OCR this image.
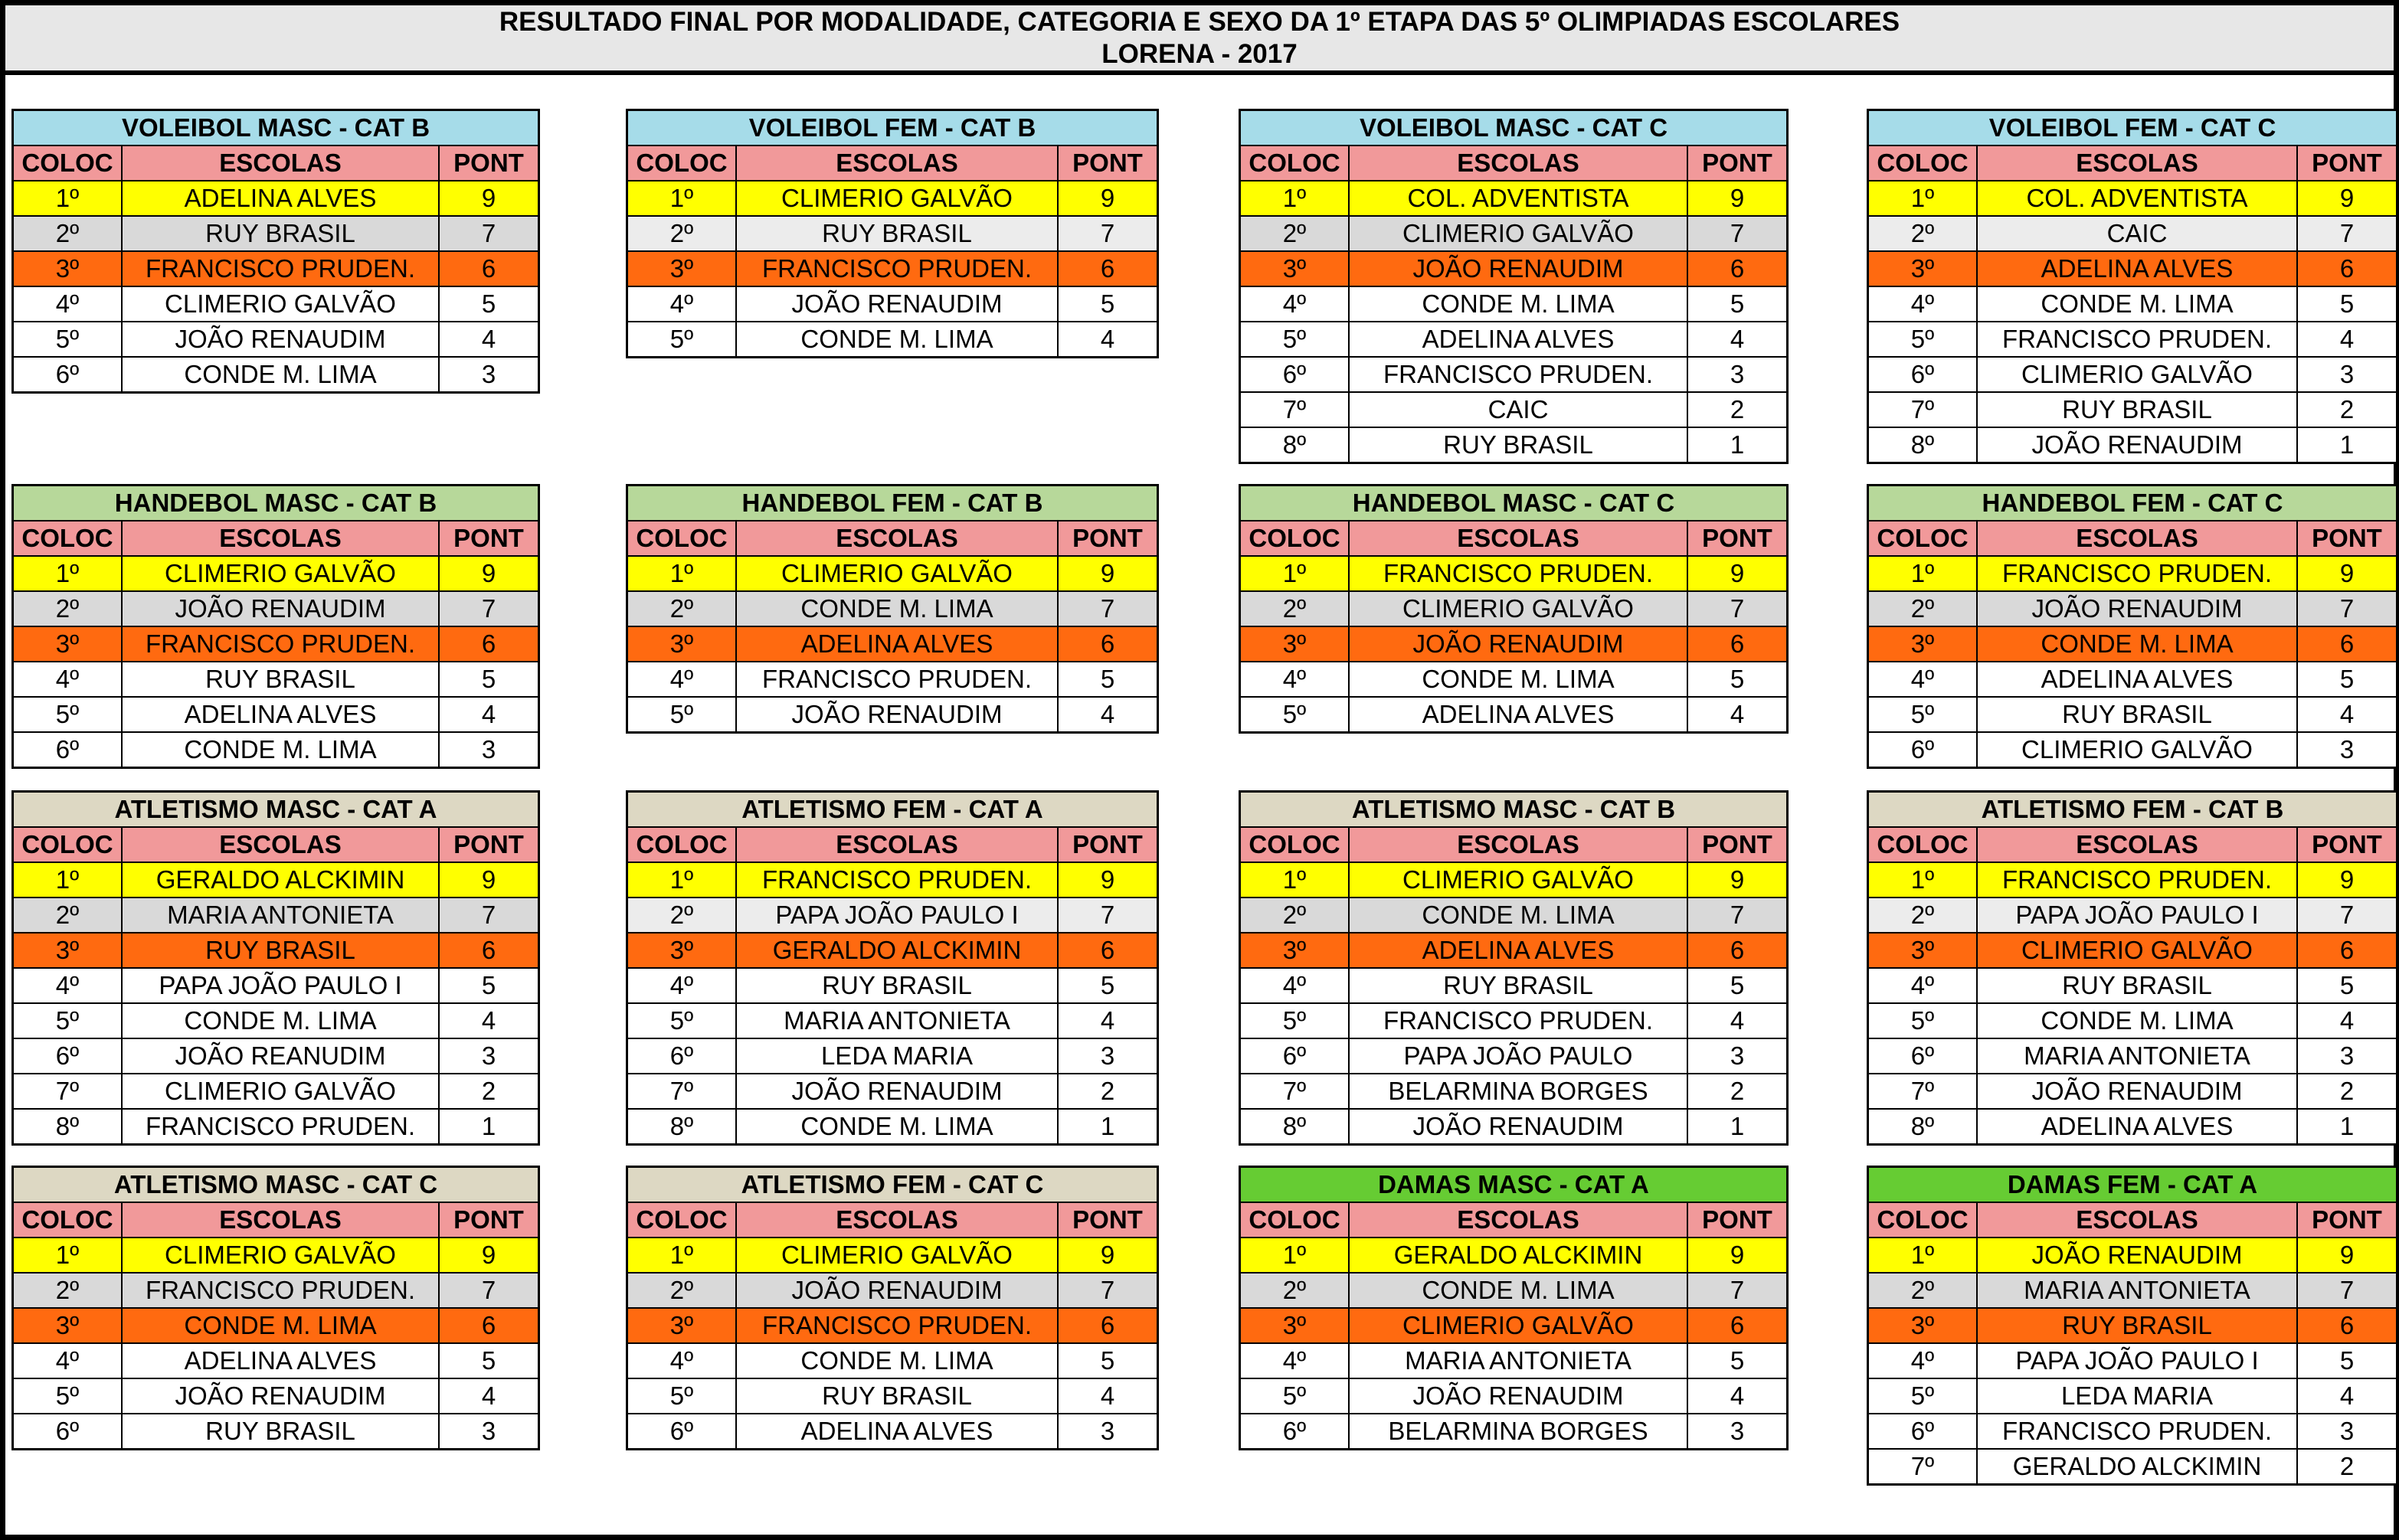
RESULTADO FINAL POR MODALIDADE, CATEGORIA E SEXO DA 1º ETAPA DAS 5º OLIMPIADAS ESCOLARES
LORENA - 2017
VOLEIBOL MASC - CAT B
COLOC	ESCOLAS	PONT
1º	ADELINA ALVES	9
2º	RUY BRASIL	7
3º	FRANCISCO PRUDEN.	6
4º	CLIMERIO GALVÃO	5
5º	JOÃO RENAUDIM	4
6º	CONDE M. LIMA	3
VOLEIBOL FEM - CAT B
COLOC	ESCOLAS	PONT
1º	CLIMERIO GALVÃO	9
2º	RUY BRASIL	7
3º	FRANCISCO PRUDEN.	6
4º	JOÃO RENAUDIM	5
5º	CONDE M. LIMA	4
VOLEIBOL MASC - CAT C
COLOC	ESCOLAS	PONT
1º	COL. ADVENTISTA	9
2º	CLIMERIO GALVÃO	7
3º	JOÃO RENAUDIM	6
4º	CONDE M. LIMA	5
5º	ADELINA ALVES	4
6º	FRANCISCO PRUDEN.	3
7º	CAIC	2
8º	RUY BRASIL	1
VOLEIBOL FEM - CAT C
COLOC	ESCOLAS	PONT
1º	COL. ADVENTISTA	9
2º	CAIC	7
3º	ADELINA ALVES	6
4º	CONDE M. LIMA	5
5º	FRANCISCO PRUDEN.	4
6º	CLIMERIO GALVÃO	3
7º	RUY BRASIL	2
8º	JOÃO RENAUDIM	1
HANDEBOL MASC - CAT B
COLOC	ESCOLAS	PONT
1º	CLIMERIO GALVÃO	9
2º	JOÃO RENAUDIM	7
3º	FRANCISCO PRUDEN.	6
4º	RUY BRASIL	5
5º	ADELINA ALVES	4
6º	CONDE M. LIMA	3
HANDEBOL FEM - CAT B
COLOC	ESCOLAS	PONT
1º	CLIMERIO GALVÃO	9
2º	CONDE M. LIMA	7
3º	ADELINA ALVES	6
4º	FRANCISCO PRUDEN.	5
5º	JOÃO RENAUDIM	4
HANDEBOL MASC - CAT C
COLOC	ESCOLAS	PONT
1º	FRANCISCO PRUDEN.	9
2º	CLIMERIO GALVÃO	7
3º	JOÃO RENAUDIM	6
4º	CONDE M. LIMA	5
5º	ADELINA ALVES	4
HANDEBOL FEM - CAT C
COLOC	ESCOLAS	PONT
1º	FRANCISCO PRUDEN.	9
2º	JOÃO RENAUDIM	7
3º	CONDE M. LIMA	6
4º	ADELINA ALVES	5
5º	RUY BRASIL	4
6º	CLIMERIO GALVÃO	3
ATLETISMO MASC - CAT A
COLOC	ESCOLAS	PONT
1º	GERALDO ALCKIMIN	9
2º	MARIA ANTONIETA	7
3º	RUY BRASIL	6
4º	PAPA JOÃO PAULO I	5
5º	CONDE M. LIMA	4
6º	JOÃO REANUDIM	3
7º	CLIMERIO GALVÃO	2
8º	FRANCISCO PRUDEN.	1
ATLETISMO FEM - CAT A
COLOC	ESCOLAS	PONT
1º	FRANCISCO PRUDEN.	9
2º	PAPA JOÃO PAULO I	7
3º	GERALDO ALCKIMIN	6
4º	RUY BRASIL	5
5º	MARIA ANTONIETA	4
6º	LEDA MARIA	3
7º	JOÃO RENAUDIM	2
8º	CONDE M. LIMA	1
ATLETISMO MASC - CAT B
COLOC	ESCOLAS	PONT
1º	CLIMERIO GALVÃO	9
2º	CONDE M. LIMA	7
3º	ADELINA ALVES	6
4º	RUY BRASIL	5
5º	FRANCISCO PRUDEN.	4
6º	PAPA JOÃO PAULO	3
7º	BELARMINA BORGES	2
8º	JOÃO RENAUDIM	1
ATLETISMO FEM - CAT B
COLOC	ESCOLAS	PONT
1º	FRANCISCO PRUDEN.	9
2º	PAPA JOÃO PAULO I	7
3º	CLIMERIO GALVÃO	6
4º	RUY BRASIL	5
5º	CONDE M. LIMA	4
6º	MARIA ANTONIETA	3
7º	JOÃO RENAUDIM	2
8º	ADELINA ALVES	1
ATLETISMO MASC - CAT C
COLOC	ESCOLAS	PONT
1º	CLIMERIO GALVÃO	9
2º	FRANCISCO PRUDEN.	7
3º	CONDE M. LIMA	6
4º	ADELINA ALVES	5
5º	JOÃO RENAUDIM	4
6º	RUY BRASIL	3
ATLETISMO FEM - CAT C
COLOC	ESCOLAS	PONT
1º	CLIMERIO GALVÃO	9
2º	JOÃO RENAUDIM	7
3º	FRANCISCO PRUDEN.	6
4º	CONDE M. LIMA	5
5º	RUY BRASIL	4
6º	ADELINA ALVES	3
DAMAS MASC - CAT A
COLOC	ESCOLAS	PONT
1º	GERALDO ALCKIMIN	9
2º	CONDE M. LIMA	7
3º	CLIMERIO GALVÃO	6
4º	MARIA ANTONIETA	5
5º	JOÃO RENAUDIM	4
6º	BELARMINA BORGES	3
DAMAS FEM - CAT A
COLOC	ESCOLAS	PONT
1º	JOÃO RENAUDIM	9
2º	MARIA ANTONIETA	7
3º	RUY BRASIL	6
4º	PAPA JOÃO PAULO I	5
5º	LEDA MARIA	4
6º	FRANCISCO PRUDEN.	3
7º	GERALDO ALCKIMIN	2
